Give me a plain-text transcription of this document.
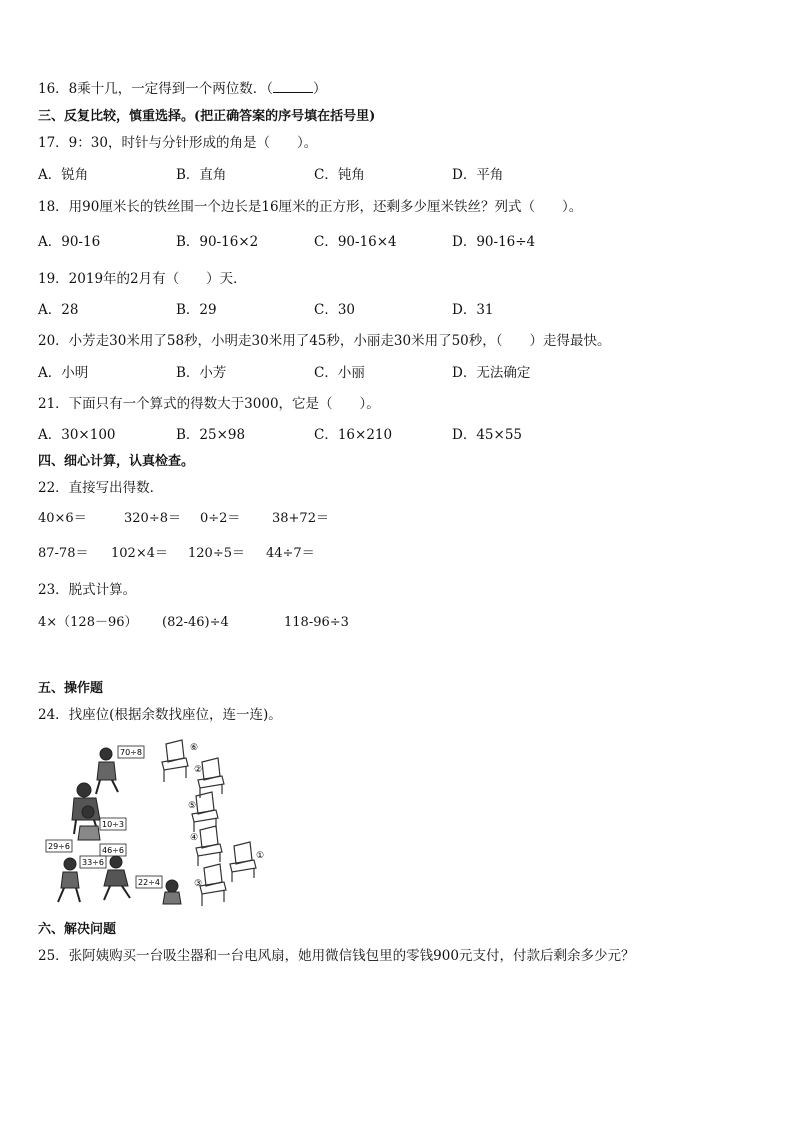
16．8乘十几，一定得到一个两位数．（	）
三、反复比较，慎重选择。(把正确答案的序号填在括号里)
17．9：30，时针与分针形成的角是（　　）。
A．锐角	B．直角	C．钝角	D．平角
18．用90厘米长的铁丝围一个边长是16厘米的正方形，还剩多少厘米铁丝？列式（　　）。
A．90-16	B．90-16×2	C．90-16×4	D．90-16÷4
19．2019年的2月有（　　）天．
A．28	B．29	C．30	D．31
20．小芳走30米用了58秒，小明走30米用了45秒，小丽走30米用了50秒，（　　）走得最快。
A．小明	B．小芳	C．小丽	D．无法确定
21．下面只有一个算式的得数大于3000，它是（　　）。
A．30×100	B．25×98	C．16×210	D．45×55
四、细心计算，认真检查。
22．直接写出得数．
40×6＝	320÷8＝ 0÷2＝ 38+72＝
87-78＝ 102×4＝ 120÷5＝ 44÷7＝
23．脱式计算。
4×（128－96） (82-46)÷4	118-96÷3
五、操作题
24．找座位(根据余数找座位，连一连)。
70÷8
10÷3
46÷6
29÷6
33÷6
22÷4
⑥
②
⑤
④
①
③
六、解决问题
25．张阿姨购买一台吸尘器和一台电风扇，她用微信钱包里的零钱900元支付，付款后剩余多少元？
